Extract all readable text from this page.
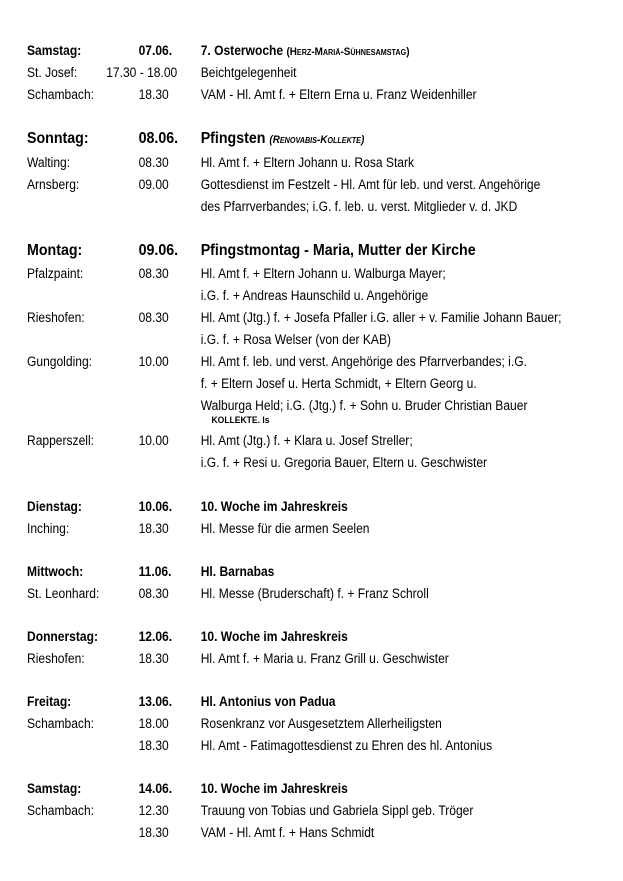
Samstag:	07.06. 7. Osterwoche (Herz-Mariä-Sühnesamstag)
St. Josef: 17.30 - 18.00 Beichtgelegenheit
Schambach:	18.30 VAM - Hl. Amt f. + Eltern Erna u. Franz Weidenhiller
Sonntag:	08.06. Pfingsten (Renovabis-Kollekte)
Walting:	08.30 Hl. Amt f. + Eltern Johann u. Rosa Stark
Arnsberg:	09.00 Gottesdienst im Festzelt - Hl. Amt für leb. und verst. Angehörige
des Pfarrverbandes; i.G. f. leb. u. verst. Mitglieder v. d. JKD
Montag:	09.06. Pfingstmontag - Maria, Mutter der Kirche
Pfalzpaint:	08.30 Hl. Amt f. + Eltern Johann u. Walburga Mayer;
i.G. f. + Andreas Haunschild u. Angehörige
Rieshofen:	08.30 Hl. Amt (Jtg.) f. + Josefa Pfaller i.G. aller + v. Familie Johann Bauer;
i.G. f. + Rosa Welser (von der KAB)
Gungolding:	10.00 Hl. Amt f. leb. und verst. Angehörige des Pfarrverbandes; i.G.
f. + Eltern Josef u. Herta Schmidt, + Eltern Georg u.
Walburga Held; i.G. (Jtg.) f. + Sohn u. Bruder Christian Bauer
KOLLEKTE. ls
Rapperszell:	10.00 Hl. Amt (Jtg.) f. + Klara u. Josef Streller;
i.G. f. + Resi u. Gregoria Bauer, Eltern u. Geschwister
Dienstag:	10.06. 10. Woche im Jahreskreis
Inching:	18.30 Hl. Messe für die armen Seelen
Mittwoch:	11.06. Hl. Barnabas
St. Leonhard:	08.30 Hl. Messe (Bruderschaft) f. + Franz Schroll
Donnerstag:	12.06. 10. Woche im Jahreskreis
Rieshofen:	18.30 Hl. Amt f. + Maria u. Franz Grill u. Geschwister
Freitag:	13.06. Hl. Antonius von Padua
Schambach:	18.00 Rosenkranz vor Ausgesetztem Allerheiligsten
18.30 Hl. Amt - Fatimagottesdienst zu Ehren des hl. Antonius
Samstag:	14.06. 10. Woche im Jahreskreis
Schambach:	12.30 Trauung von Tobias und Gabriela Sippl geb. Tröger
18.30 VAM - Hl. Amt f. + Hans Schmidt
